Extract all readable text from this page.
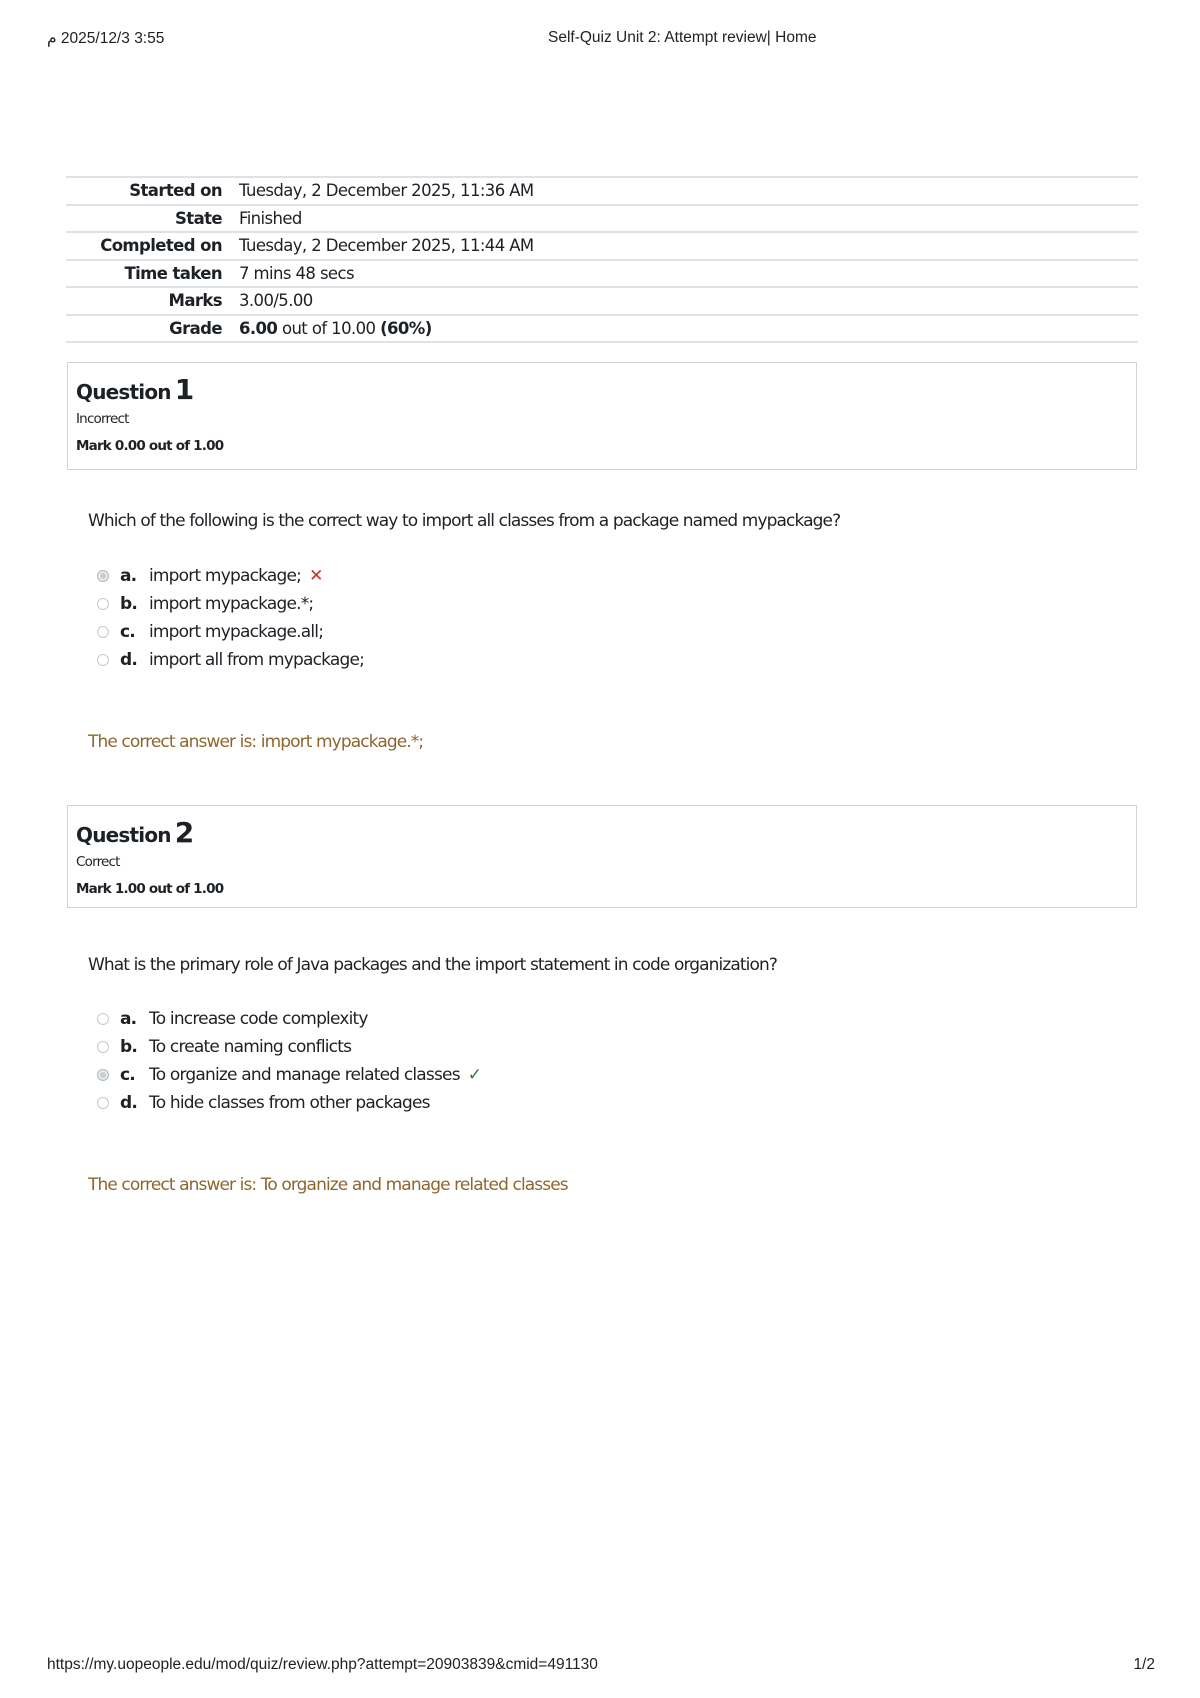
3:55 2025/12/3 م	Self-Quiz Unit 2: Attempt review| Home
Started on	Tuesday, 2 December 2025, 11:36 AM
State	Finished
Completed on	Tuesday, 2 December 2025, 11:44 AM
Time taken	7 mins 48 secs
Marks	3.00/5.00
Grade	6.00 out of 10.00 (60%)
Question 1
Incorrect
Mark 0.00 out of 1.00
Which of the following is the correct way to import all classes from a package named mypackage?
a. import mypackage; ✕
b. import mypackage.*;
c. import mypackage.all;
d. import all from mypackage;
The correct answer is: import mypackage.*;
Question 2
Correct
Mark 1.00 out of 1.00
What is the primary role of Java packages and the import statement in code organization?
a. To increase code complexity
b. To create naming conflicts
c. To organize and manage related classes ✓
d. To hide classes from other packages
The correct answer is: To organize and manage related classes
https://my.uopeople.edu/mod/quiz/review.php?attempt=20903839&cmid=491130	1/2
